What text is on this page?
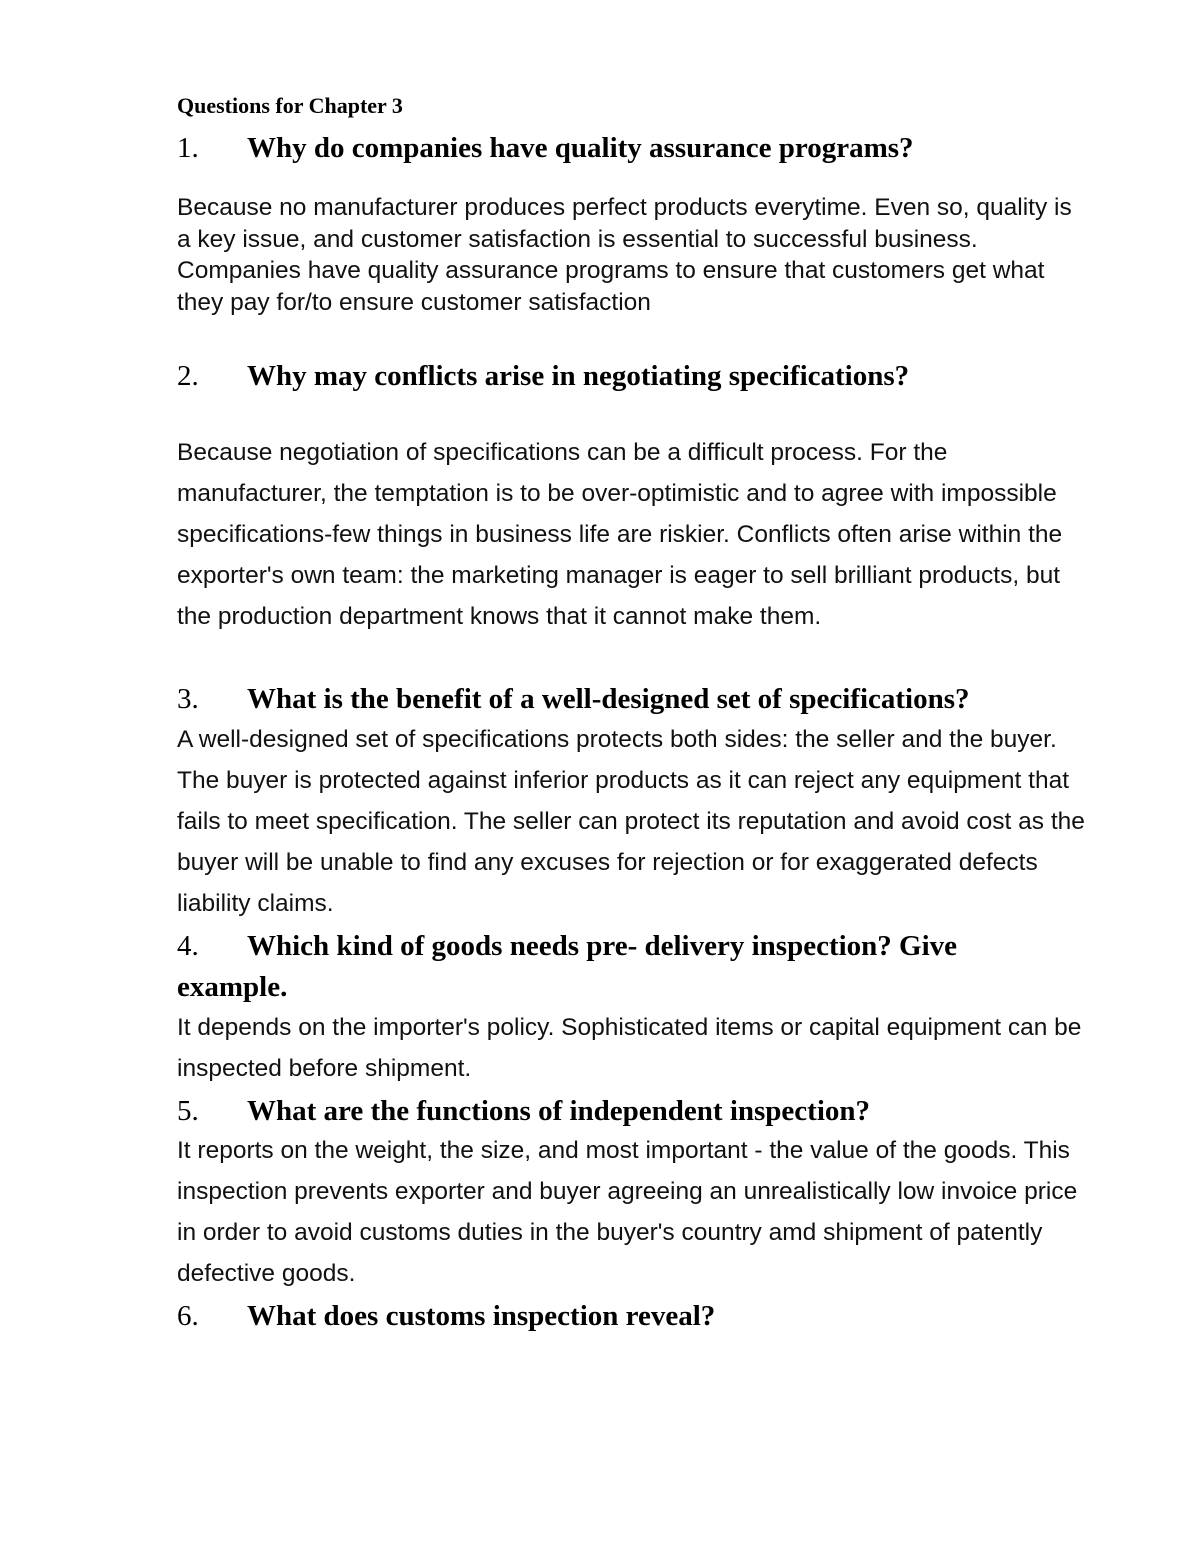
Questions for Chapter 3
1.	Why do companies have quality assurance programs?
Because no manufacturer produces perfect products everytime. Even so, quality is a key issue, and customer satisfaction is essential to successful business. Companies have quality assurance programs to ensure that customers get what they pay for/to ensure customer satisfaction
2.	Why may conflicts arise in negotiating specifications?
Because negotiation of specifications can be a difficult process. For the manufacturer, the temptation is to be over-optimistic and to agree with impossible specifications-few things in business life are riskier. Conflicts often arise within the exporter's own team: the marketing manager is eager to sell brilliant products, but the production department knows that it cannot make them.
3.	What is the benefit of a well-designed set of specifications?
A well-designed set of specifications protects both sides: the seller and the buyer. The buyer is protected against inferior products as it can reject any equipment that fails to meet specification. The seller can protect its reputation and avoid cost as the buyer will be unable to find any excuses for rejection or for exaggerated defects liability claims.
4.	Which kind of goods needs pre- delivery inspection? Give example.
It depends on the importer's policy. Sophisticated items or capital equipment can be inspected before shipment.
5.	What are the functions of independent inspection?
It reports on the weight, the size, and most important - the value of the goods. This inspection prevents exporter and buyer agreeing an unrealistically low invoice price in order to avoid customs duties in the buyer's country amd shipment of patently defective goods.
6.	What does customs inspection reveal?
